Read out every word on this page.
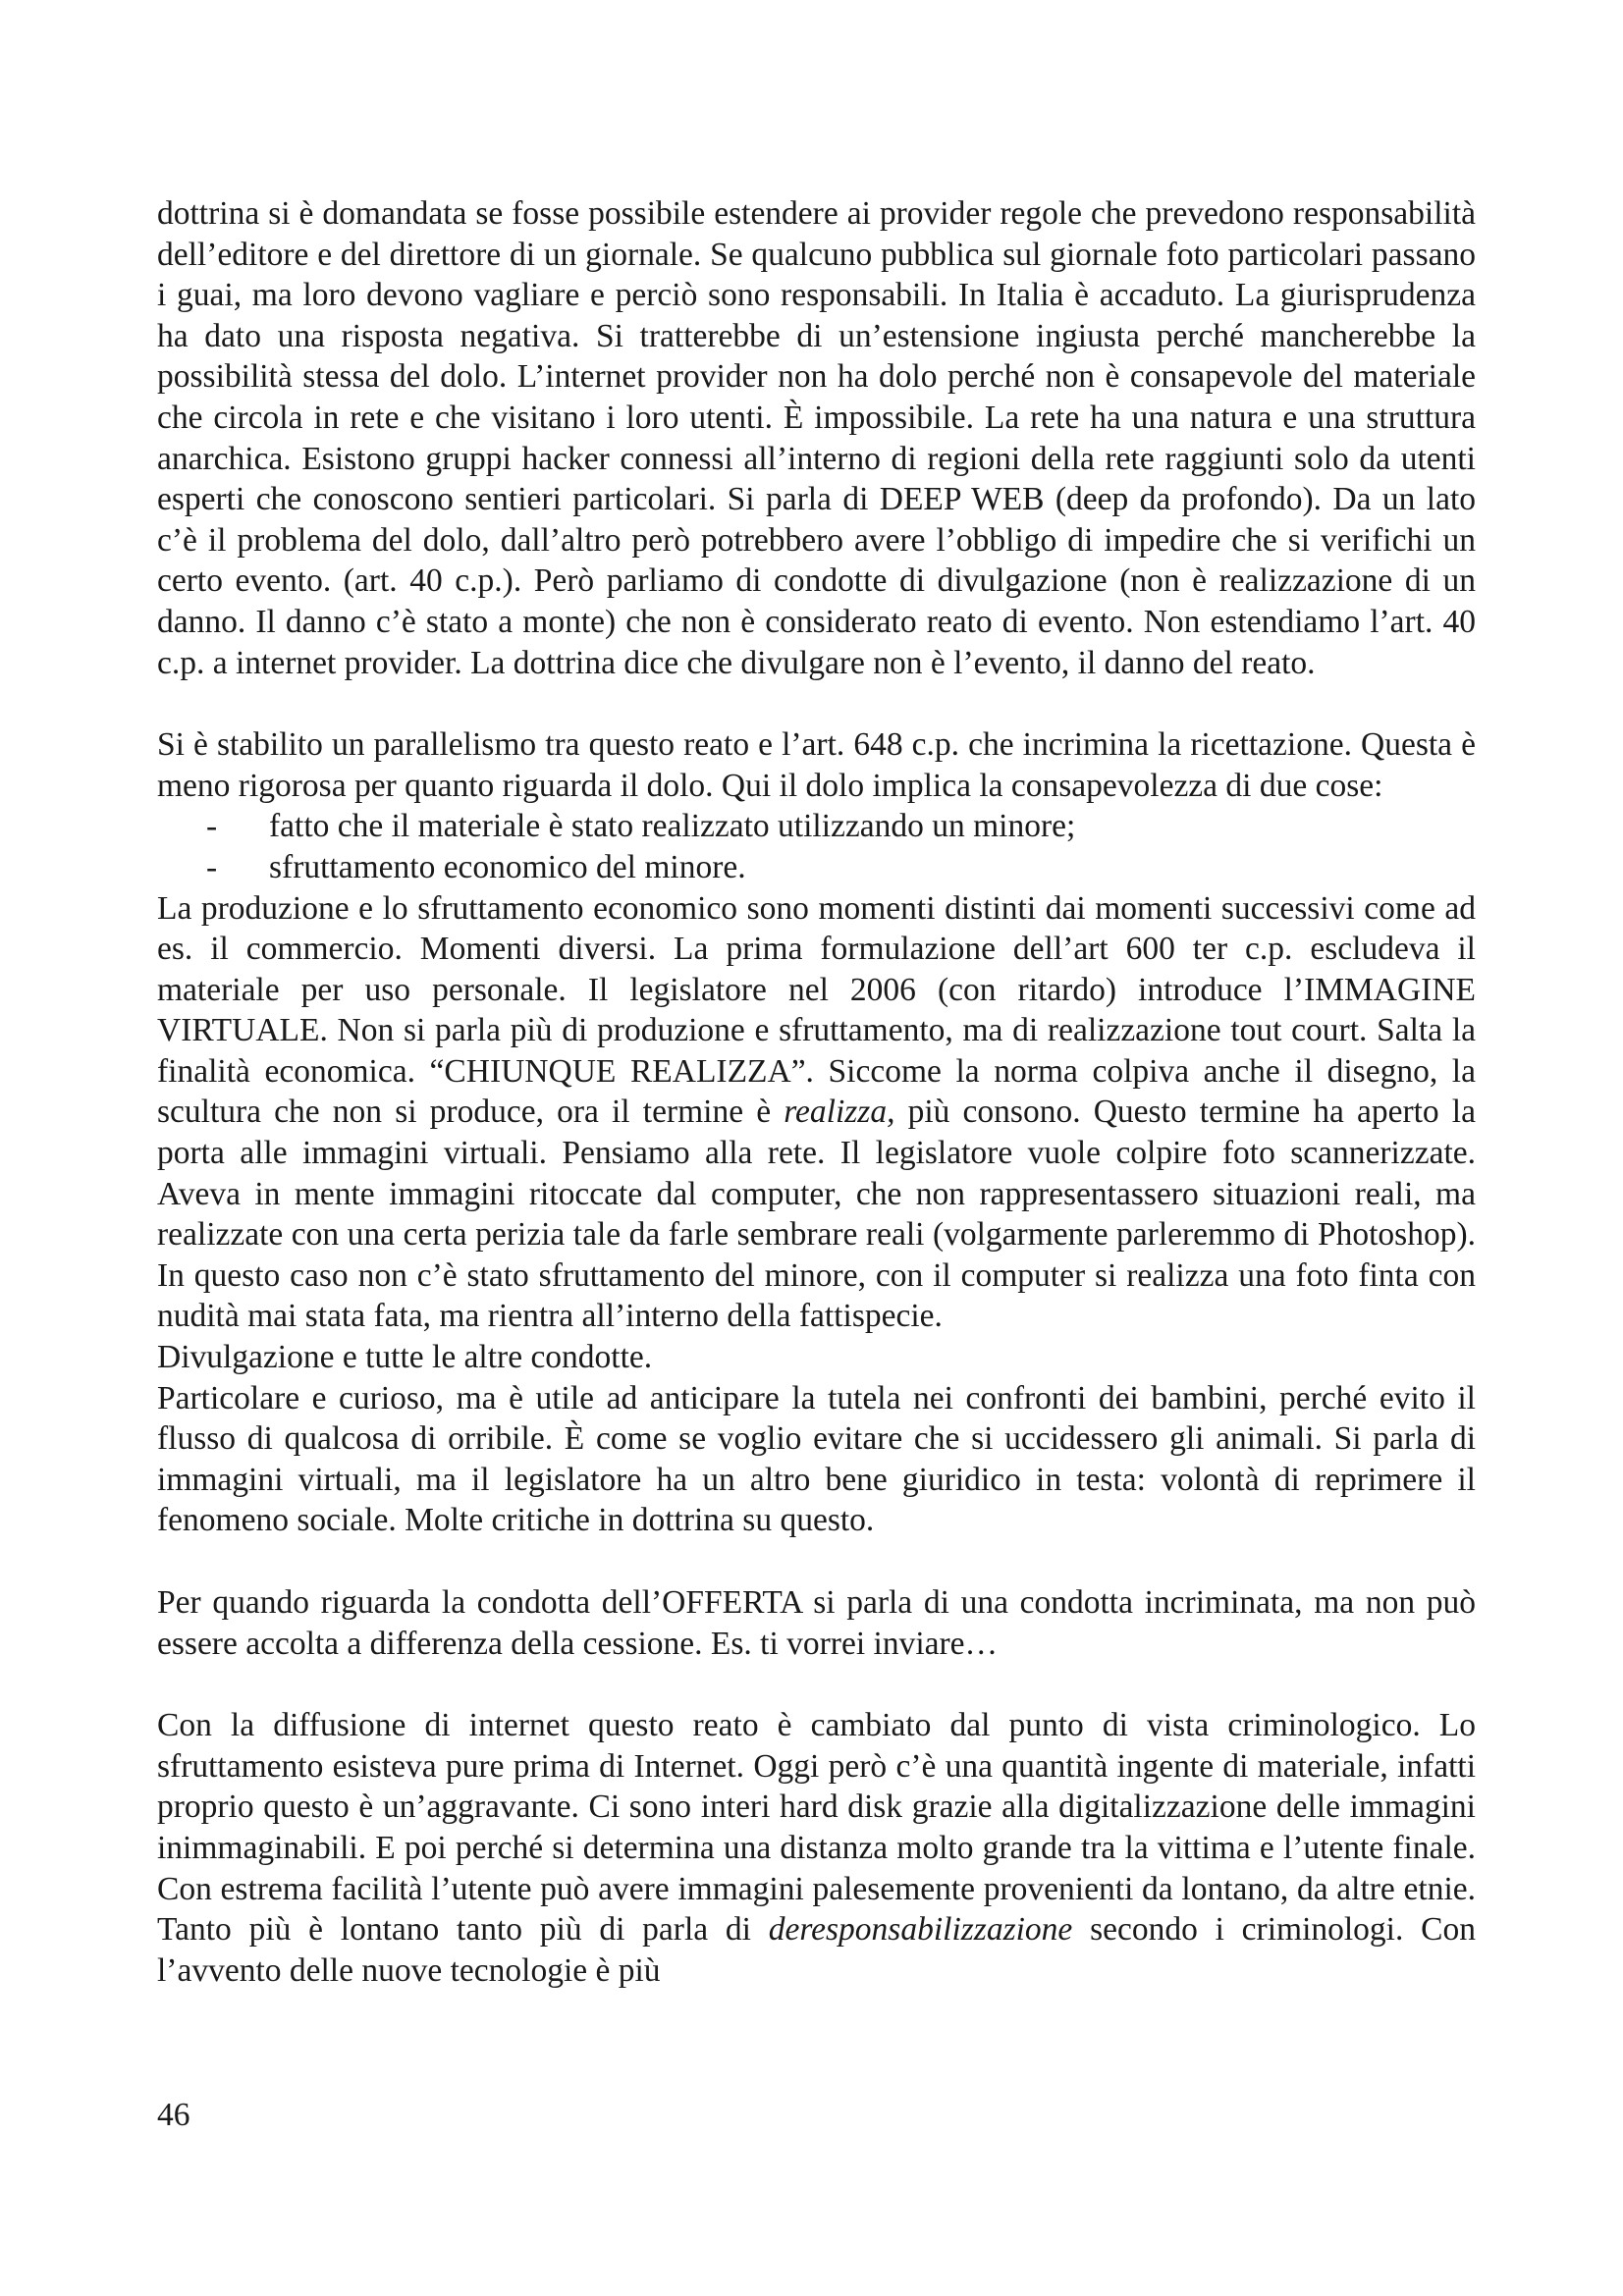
dottrina si è domandata se fosse possibile estendere ai provider regole che prevedono responsabilità dell’editore e del direttore di un giornale. Se qualcuno pubblica sul giornale foto particolari passano i guai, ma loro devono vagliare e perciò sono responsabili. In Italia è accaduto. La giurisprudenza ha dato una risposta negativa. Si tratterebbe di un’estensione ingiusta perché mancherebbe la possibilità stessa del dolo. L’internet provider non ha dolo perché non è consapevole del materiale che circola in rete e che visitano i loro utenti. È impossibile. La rete ha una natura e una struttura anarchica. Esistono gruppi hacker connessi all’interno di regioni della rete raggiunti solo da utenti esperti che conoscono sentieri particolari. Si parla di DEEP WEB (deep da profondo). Da un lato c’è il problema del dolo, dall’altro però potrebbero avere l’obbligo di impedire che si verifichi un certo evento. (art. 40 c.p.). Però parliamo di condotte di divulgazione (non è realizzazione di un danno. Il danno c’è stato a monte) che non è considerato reato di evento. Non estendiamo l’art. 40 c.p. a internet provider. La dottrina dice che divulgare non è l’evento, il danno del reato.

Si è stabilito un parallelismo tra questo reato e l’art. 648 c.p. che incrimina la ricettazione. Questa è meno rigorosa per quanto riguarda il dolo. Qui il dolo implica la consapevolezza di due cose:

- fatto che il materiale è stato realizzato utilizzando un minore;
- sfruttamento economico del minore.

La produzione e lo sfruttamento economico sono momenti distinti dai momenti successivi come ad es. il commercio. Momenti diversi. La prima formulazione dell’art 600 ter c.p. escludeva il materiale per uso personale. Il legislatore nel 2006 (con ritardo) introduce l’IMMAGINE VIRTUALE. Non si parla più di produzione e sfruttamento, ma di realizzazione tout court. Salta la finalità economica. “CHIUNQUE REALIZZA”. Siccome la norma colpiva anche il disegno, la scultura che non si produce, ora il termine è realizza, più consono. Questo termine ha aperto la porta alle immagini virtuali. Pensiamo alla rete. Il legislatore vuole colpire foto scannerizzate. Aveva in mente immagini ritoccate dal computer, che non rappresentassero situazioni reali, ma realizzate con una certa perizia tale da farle sembrare reali (volgarmente parleremmo di Photoshop). In questo caso non c’è stato sfruttamento del minore, con il computer si realizza una foto finta con nudità mai stata fata, ma rientra all’interno della fattispecie.

Divulgazione e tutte le altre condotte.

Particolare e curioso, ma è utile ad anticipare la tutela nei confronti dei bambini, perché evito il flusso di qualcosa di orribile. È come se voglio evitare che si uccidessero gli animali. Si parla di immagini virtuali, ma il legislatore ha un altro bene giuridico in testa: volontà di reprimere il fenomeno sociale. Molte critiche in dottrina su questo.

Per quando riguarda la condotta dell’OFFERTA si parla di una condotta incriminata, ma non può essere accolta a differenza della cessione. Es. ti vorrei inviare…

Con la diffusione di internet questo reato è cambiato dal punto di vista criminologico. Lo sfruttamento esisteva pure prima di Internet. Oggi però c’è una quantità ingente di materiale, infatti proprio questo è un’aggravante. Ci sono interi hard disk grazie alla digitalizzazione delle immagini inimmaginabili. E poi perché si determina una distanza molto grande tra la vittima e l’utente finale. Con estrema facilità l’utente può avere immagini palesemente provenienti da lontano, da altre etnie. Tanto più è lontano tanto più di parla di deresponsabilizzazione secondo i criminologi. Con l’avvento delle nuove tecnologie è più

46
